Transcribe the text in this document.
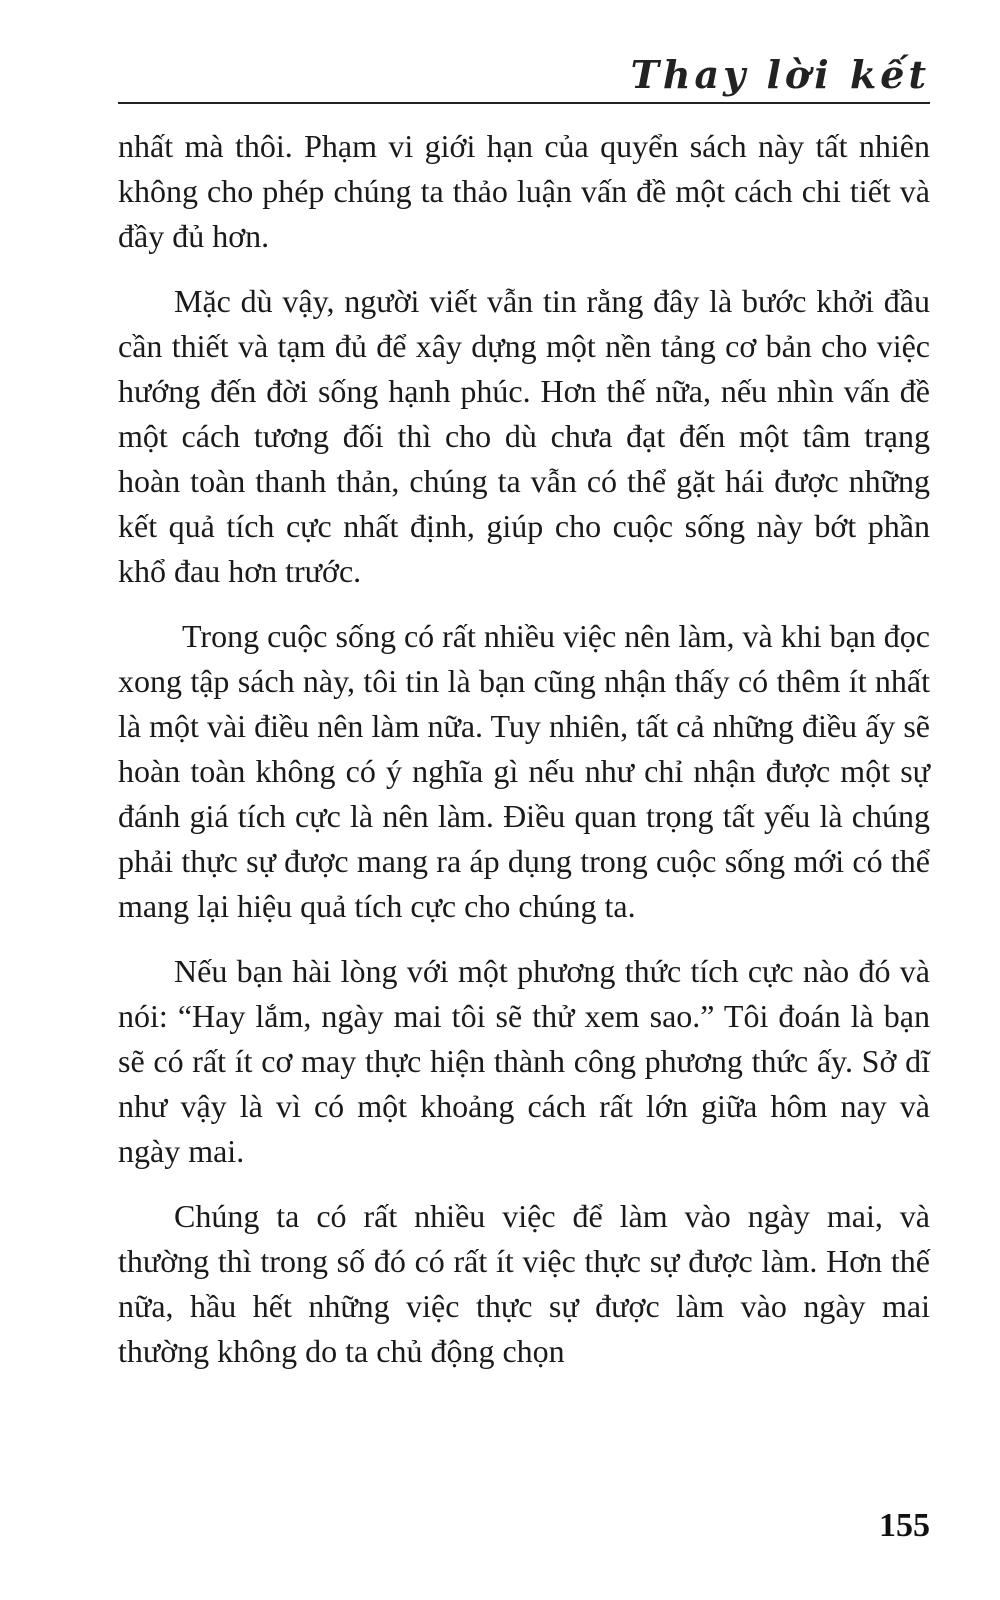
Thay lời kết

nhất mà thôi. Phạm vi giới hạn của quyển sách này tất nhiên không cho phép chúng ta thảo luận vấn đề một cách chi tiết và đầy đủ hơn.

Mặc dù vậy, người viết vẫn tin rằng đây là bước khởi đầu cần thiết và tạm đủ để xây dựng một nền tảng cơ bản cho việc hướng đến đời sống hạnh phúc. Hơn thế nữa, nếu nhìn vấn đề một cách tương đối thì cho dù chưa đạt đến một tâm trạng hoàn toàn thanh thản, chúng ta vẫn có thể gặt hái được những kết quả tích cực nhất định, giúp cho cuộc sống này bớt phần khổ đau hơn trước.

Trong cuộc sống có rất nhiều việc nên làm, và khi bạn đọc xong tập sách này, tôi tin là bạn cũng nhận thấy có thêm ít nhất là một vài điều nên làm nữa. Tuy nhiên, tất cả những điều ấy sẽ hoàn toàn không có ý nghĩa gì nếu như chỉ nhận được một sự đánh giá tích cực là nên làm. Điều quan trọng tất yếu là chúng phải thực sự được mang ra áp dụng trong cuộc sống mới có thể mang lại hiệu quả tích cực cho chúng ta.

Nếu bạn hài lòng với một phương thức tích cực nào đó và nói: “Hay lắm, ngày mai tôi sẽ thử xem sao.” Tôi đoán là bạn sẽ có rất ít cơ may thực hiện thành công phương thức ấy. Sở dĩ như vậy là vì có một khoảng cách rất lớn giữa hôm nay và ngày mai.

Chúng ta có rất nhiều việc để làm vào ngày mai, và thường thì trong số đó có rất ít việc thực sự được làm. Hơn thế nữa, hầu hết những việc thực sự được làm vào ngày mai thường không do ta chủ động chọn

155
